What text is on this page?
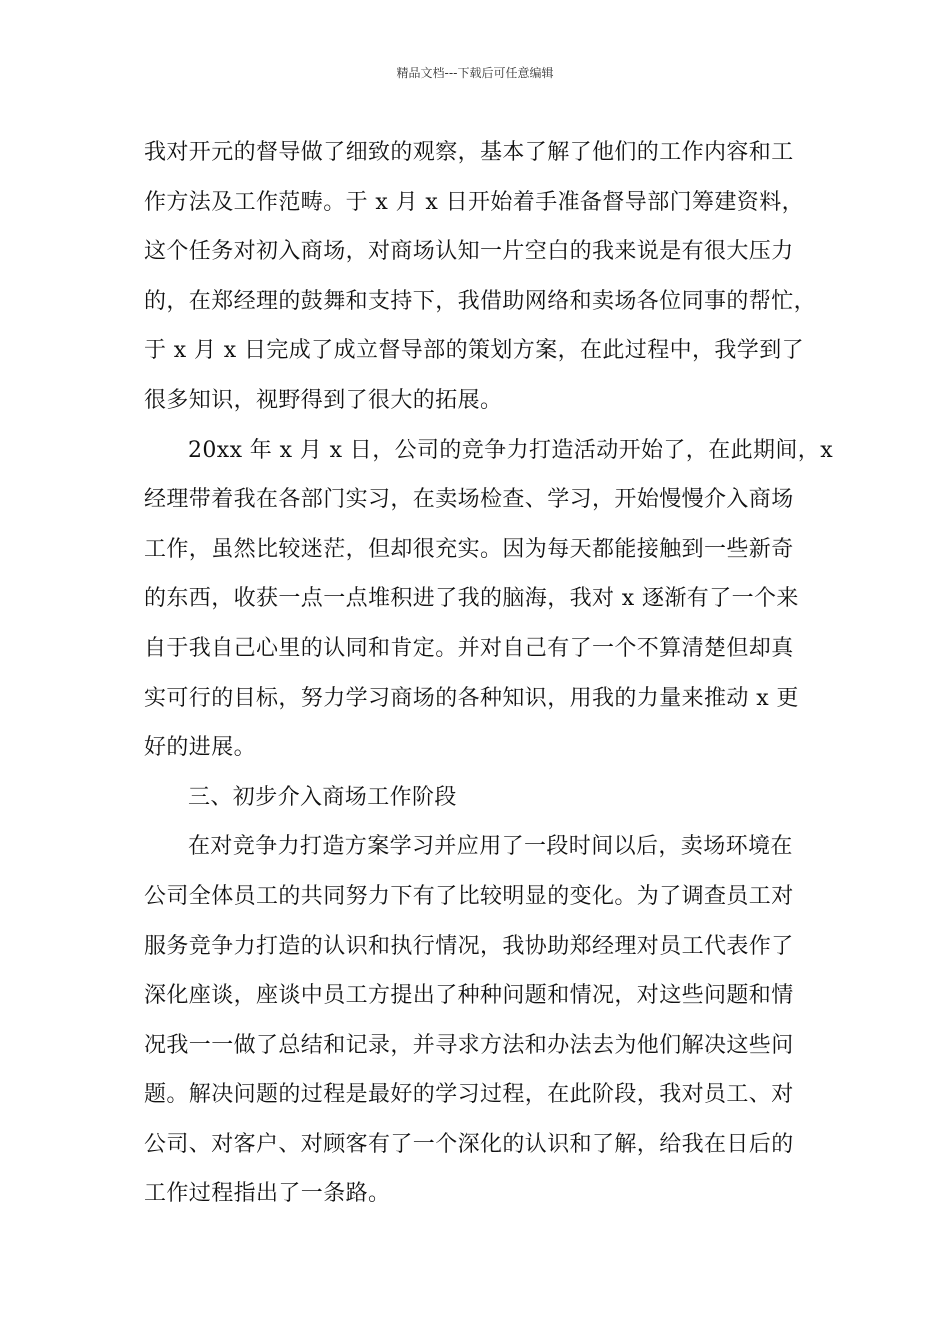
精品文档---下载后可任意编辑
我对开元的督导做了细致的观察，基本了解了他们的工作内容和工
作方法及工作范畴。于 x 月 x 日开始着手准备督导部门筹建资料，
这个任务对初入商场，对商场认知一片空白的我来说是有很大压力
的，在郑经理的鼓舞和支持下，我借助网络和卖场各位同事的帮忙，
于 x 月 x 日完成了成立督导部的策划方案，在此过程中，我学到了
很多知识，视野得到了很大的拓展。
20xx 年 x 月 x 日，公司的竞争力打造活动开始了，在此期间，x
经理带着我在各部门实习，在卖场检查、学习，开始慢慢介入商场
工作，虽然比较迷茫，但却很充实。因为每天都能接触到一些新奇
的东西，收获一点一点堆积进了我的脑海，我对 x 逐渐有了一个来
自于我自己心里的认同和肯定。并对自己有了一个不算清楚但却真
实可行的目标，努力学习商场的各种知识，用我的力量来推动 x 更
好的进展。
三、初步介入商场工作阶段
在对竞争力打造方案学习并应用了一段时间以后，卖场环境在
公司全体员工的共同努力下有了比较明显的变化。为了调查员工对
服务竞争力打造的认识和执行情况，我协助郑经理对员工代表作了
深化座谈，座谈中员工方提出了种种问题和情况，对这些问题和情
况我一一做了总结和记录，并寻求方法和办法去为他们解决这些问
题。解决问题的过程是最好的学习过程，在此阶段，我对员工、对
公司、对客户、对顾客有了一个深化的认识和了解，给我在日后的
工作过程指出了一条路。
